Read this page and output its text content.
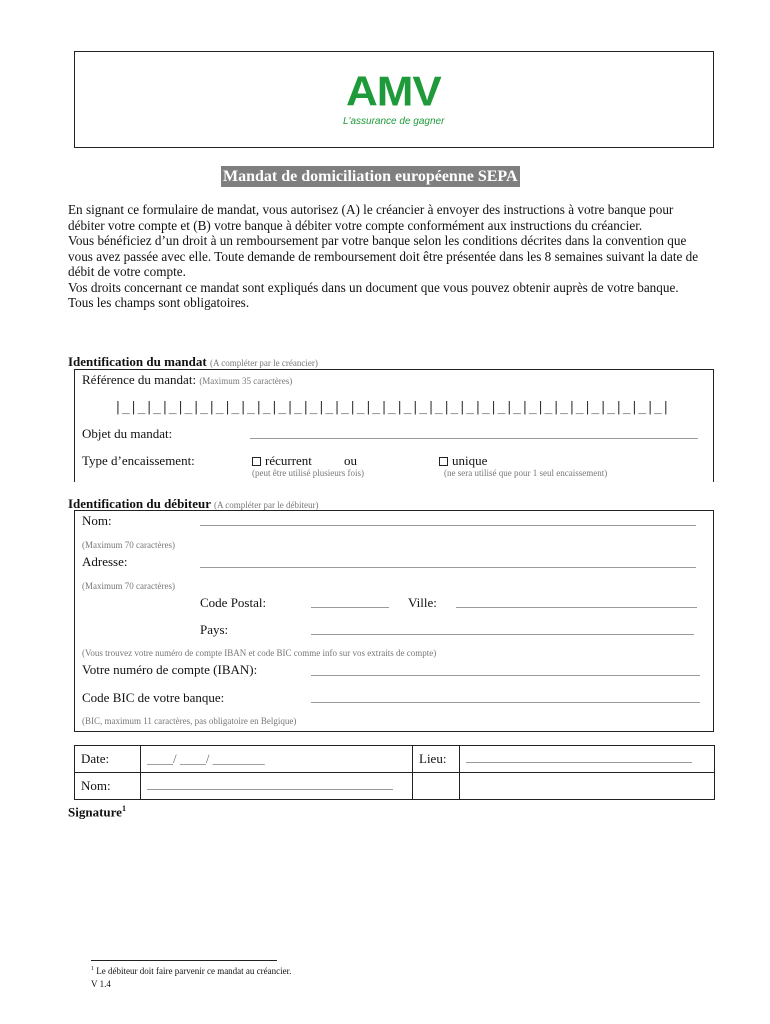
AMV
L'assurance de gagner
Mandat de domiciliation européenne SEPA

En signant ce formulaire de mandat, vous autorisez (A) le créancier à envoyer des instructions à votre banque pour débiter votre compte et (B) votre banque à débiter votre compte conformément aux instructions du créancier.

Vous bénéficiez d’un droit à un remboursement par votre banque selon les conditions décrites dans la convention que vous avez passée avec elle. Toute demande de remboursement doit être présentée dans les 8 semaines suivant la date de débit de votre compte.

Vos droits concernant ce mandat sont expliqués dans un document que vous pouvez obtenir auprès de votre banque.

Tous les champs sont obligatoires.

Identification du mandat (A compléter par le créancier)
Référence du mandat: (Maximum 35 caractères)
|_|_|_|_|_|_|_|_|_|_|_|_|_|_|_|_|_|_|_|_|_|_|_|_|_|_|_|_|_|_|_|_|_|_|_|
Objet du mandat:
Type d’encaissement:	récurrent ou	unique
(peut être utilisé plusieurs fois)	(ne sera utilisé que pour 1 seul encaissement)
Identification du débiteur (A compléter par le débiteur)
Nom:
(Maximum 70 caractères)
Adresse:
(Maximum 70 caractères)
Code Postal:	Ville:
Pays:
(Vous trouvez votre numéro de compte IBAN et code BIC comme info sur vos extraits de compte)
Votre numéro de compte (IBAN):
Code BIC de votre banque:
(BIC, maximum 11 caractères, pas obligatoire en Belgique)
Date:	____/ ____/ ________	Lieu:	

Nom:	

Signature$^1$
$^1$ Le débiteur doit faire parvenir ce mandat au créancier.
V 1.4
